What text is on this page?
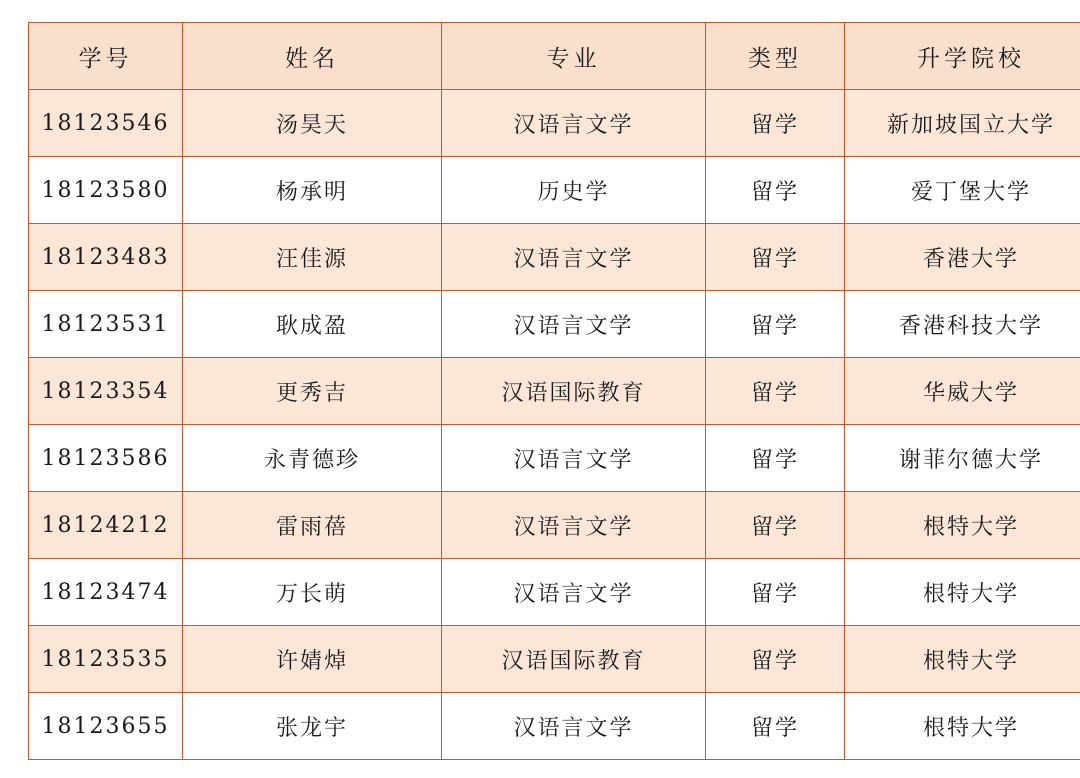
学号	姓名	专业	类型	升学院校
18123546	汤昊天	汉语言文学	留学	新加坡国立大学
18123580	杨承明	历史学	留学	爱丁堡大学
18123483	汪佳源	汉语言文学	留学	香港大学
18123531	耿成盈	汉语言文学	留学	香港科技大学
18123354	更秀吉	汉语国际教育	留学	华威大学
18123586	永青德珍	汉语言文学	留学	谢菲尔德大学
18124212	雷雨蓓	汉语言文学	留学	根特大学
18123474	万长萌	汉语言文学	留学	根特大学
18123535	许婧焯	汉语国际教育	留学	根特大学
18123655	张龙宇	汉语言文学	留学	根特大学
